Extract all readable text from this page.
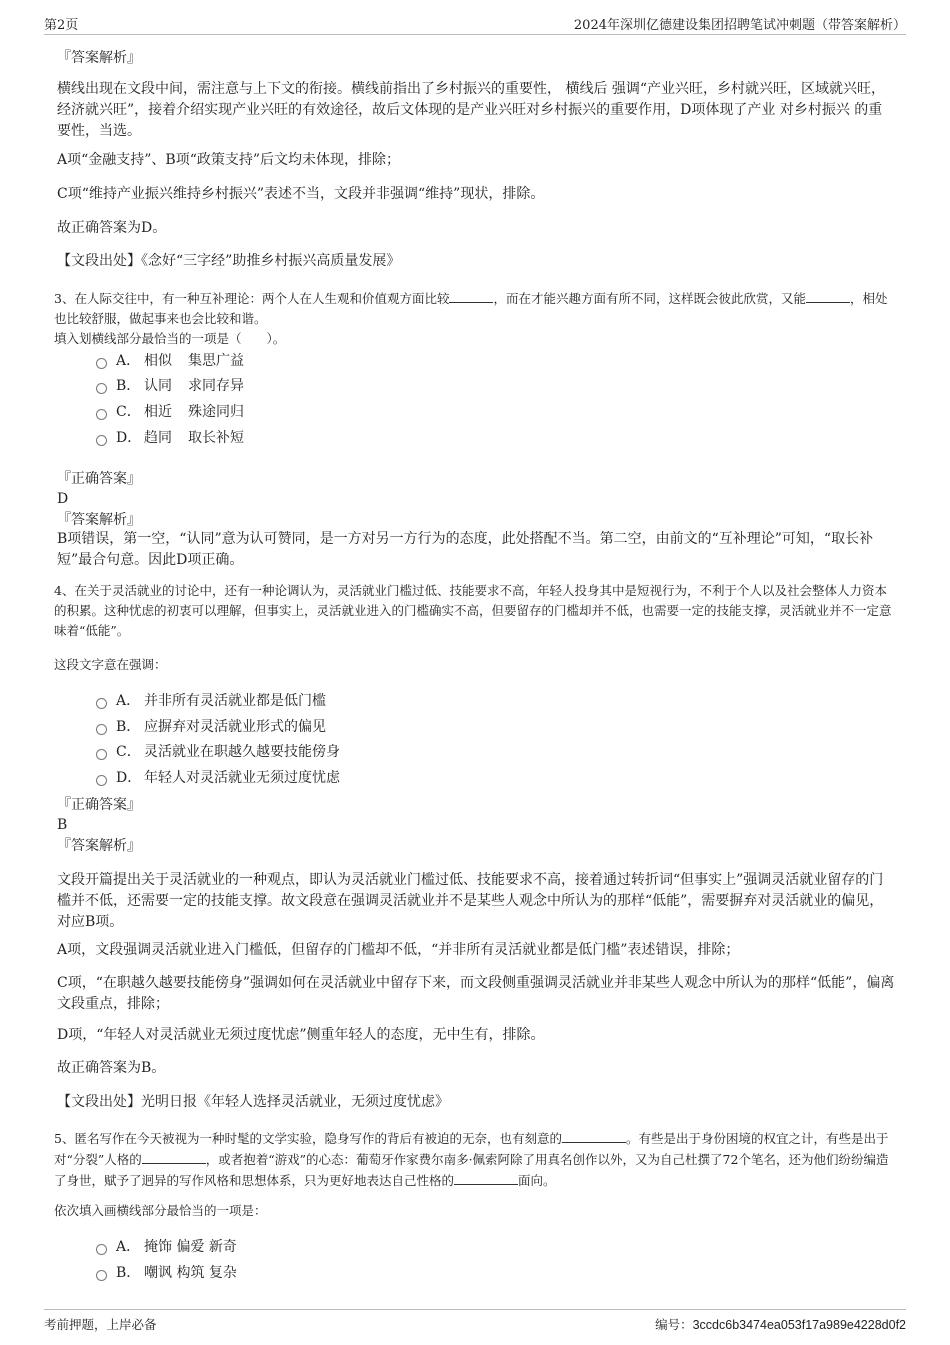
第2页	2024年深圳亿德建设集团招聘笔试冲刺题（带答案解析）
『答案解析』

横线出现在文段中间，需注意与上下文的衔接。横线前指出了乡村振兴的重要性， 横线后 强调“产业兴旺，乡村就兴旺，区域就兴旺，经济就兴旺”，接着介绍实现产业兴旺的有效途径，故后文体现的是产业兴旺对乡村振兴的重要作用，D项体现了产业 对乡村振兴 的重要性，当选。

A项“金融支持”、B项“政策支持”后文均未体现，排除；

C项“维持产业振兴维持乡村振兴”表述不当，文段并非强调“维持”现状，排除。

故正确答案为D。

【文段出处】《念好“三字经”助推乡村振兴高质量发展》

3、在人际交往中，有一种互补理论：两个人在人生观和价值观方面比较	，而在才能兴趣方面有所不同，这样既会彼此欣赏，又能	，相处也比较舒服，做起事来也会比较和谐。

填入划横线部分最恰当的一项是（　　）。

A． 相似 集思广益
B． 认同 求同存异
C． 相近 殊途同归
D． 趋同 取长补短
『正确答案』
D
『答案解析』

B项错误，第一空，“认同”意为认可赞同，是一方对另一方行为的态度，此处搭配不当。第二空，由前文的“互补理论”可知，“取长补短”最合句意。因此D项正确。

4、在关于灵活就业的讨论中，还有一种论调认为，灵活就业门槛过低、技能要求不高，年轻人投身其中是短视行为，不利于个人以及社会整体人力资本的积累。这种忧虑的初衷可以理解，但事实上，灵活就业进入的门槛确实不高，但要留存的门槛却并不低，也需要一定的技能支撑，灵活就业并不一定意味着“低能”。

这段文字意在强调：

A． 并非所有灵活就业都是低门槛
B． 应摒弃对灵活就业形式的偏见
C． 灵活就业在职越久越要技能傍身
D． 年轻人对灵活就业无须过度忧虑
『正确答案』
B
『答案解析』

文段开篇提出关于灵活就业的一种观点，即认为灵活就业门槛过低、技能要求不高，接着通过转折词“但事实上”强调灵活就业留存的门槛并不低，还需要一定的技能支撑。故文段意在强调灵活就业并不是某些人观念中所认为的那样“低能”，需要摒弃对灵活就业的偏见，对应B项。

A项，文段强调灵活就业进入门槛低，但留存的门槛却不低，“并非所有灵活就业都是低门槛”表述错误，排除；

C项，“在职越久越要技能傍身”强调如何在灵活就业中留存下来，而文段侧重强调灵活就业并非某些人观念中所认为的那样“低能”，偏离文段重点，排除；

D项，“年轻人对灵活就业无须过度忧虑”侧重年轻人的态度，无中生有，排除。

故正确答案为B。

【文段出处】光明日报《年轻人选择灵活就业，无须过度忧虑》

5、匿名写作在今天被视为一种时髦的文学实验，隐身写作的背后有被迫的无奈，也有刻意的	。有些是出于身份困境的权宜之计，有些是出于对“分裂”人格的	，或者抱着“游戏”的心态：葡萄牙作家费尔南多·佩索阿除了用真名创作以外，又为自己杜撰了72个笔名，还为他们纷纷编造了身世，赋予了迥异的写作风格和思想体系，只为更好地表达自己性格的	面向。

依次填入画横线部分最恰当的一项是：

A． 掩饰 偏爱 新奇
B． 嘲讽 构筑 复杂
考前押题，上岸必备	编号：3ccdc6b3474ea053f17a989e4228d0f2
